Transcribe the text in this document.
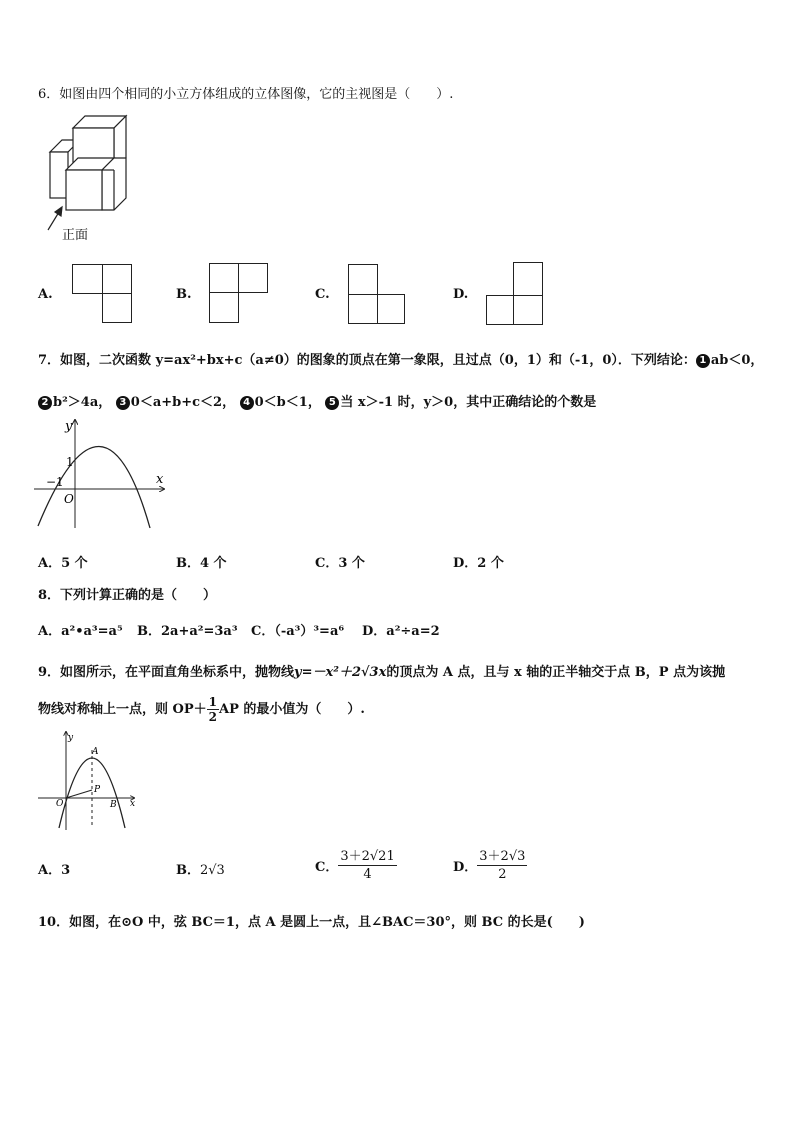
6．如图由四个相同的小立方体组成的立体图像，它的主视图是（　　）.
正面
A.	B.	C.	D.
7．如图，二次函数 y=ax²+bx+c（a≠0）的图象的顶点在第一象限，且过点（0，1）和（-1，0）．下列结论： 1 ab＜0，
2 b²＞4a， 3 0＜a+b+c＜2， 4 0＜b＜1， 5 当 x＞-1 时，y＞0，其中正确结论的个数是
y
x
1
−1
O
A．5 个	B．4 个	C．3 个	D．2 个
8．下列计算正确的是（　　）
A．a²•a³=a⁵ B．2a+a²=3a³ C．（-a³）³=a⁶ D．a²÷a=2
9．如图所示，在平面直角坐标系中，抛物线y=－x²＋2√3x的顶点为 A 点，且与 x 轴的正半轴交于点 B，P 点为该抛
物线对称轴上一点，则 $OP+ \frac{1}{2}$ AP 的最小值为（　　）.
y
A
P
O	B x
A．3	B．2√3	C． $\frac{3+2√21}{4}$	D． $\frac{3+2√3}{2}$
10．如图，在⊙O 中，弦 BC＝1，点 A 是圆上一点，且∠BAC＝30°，则 BC 的长是(　　)
